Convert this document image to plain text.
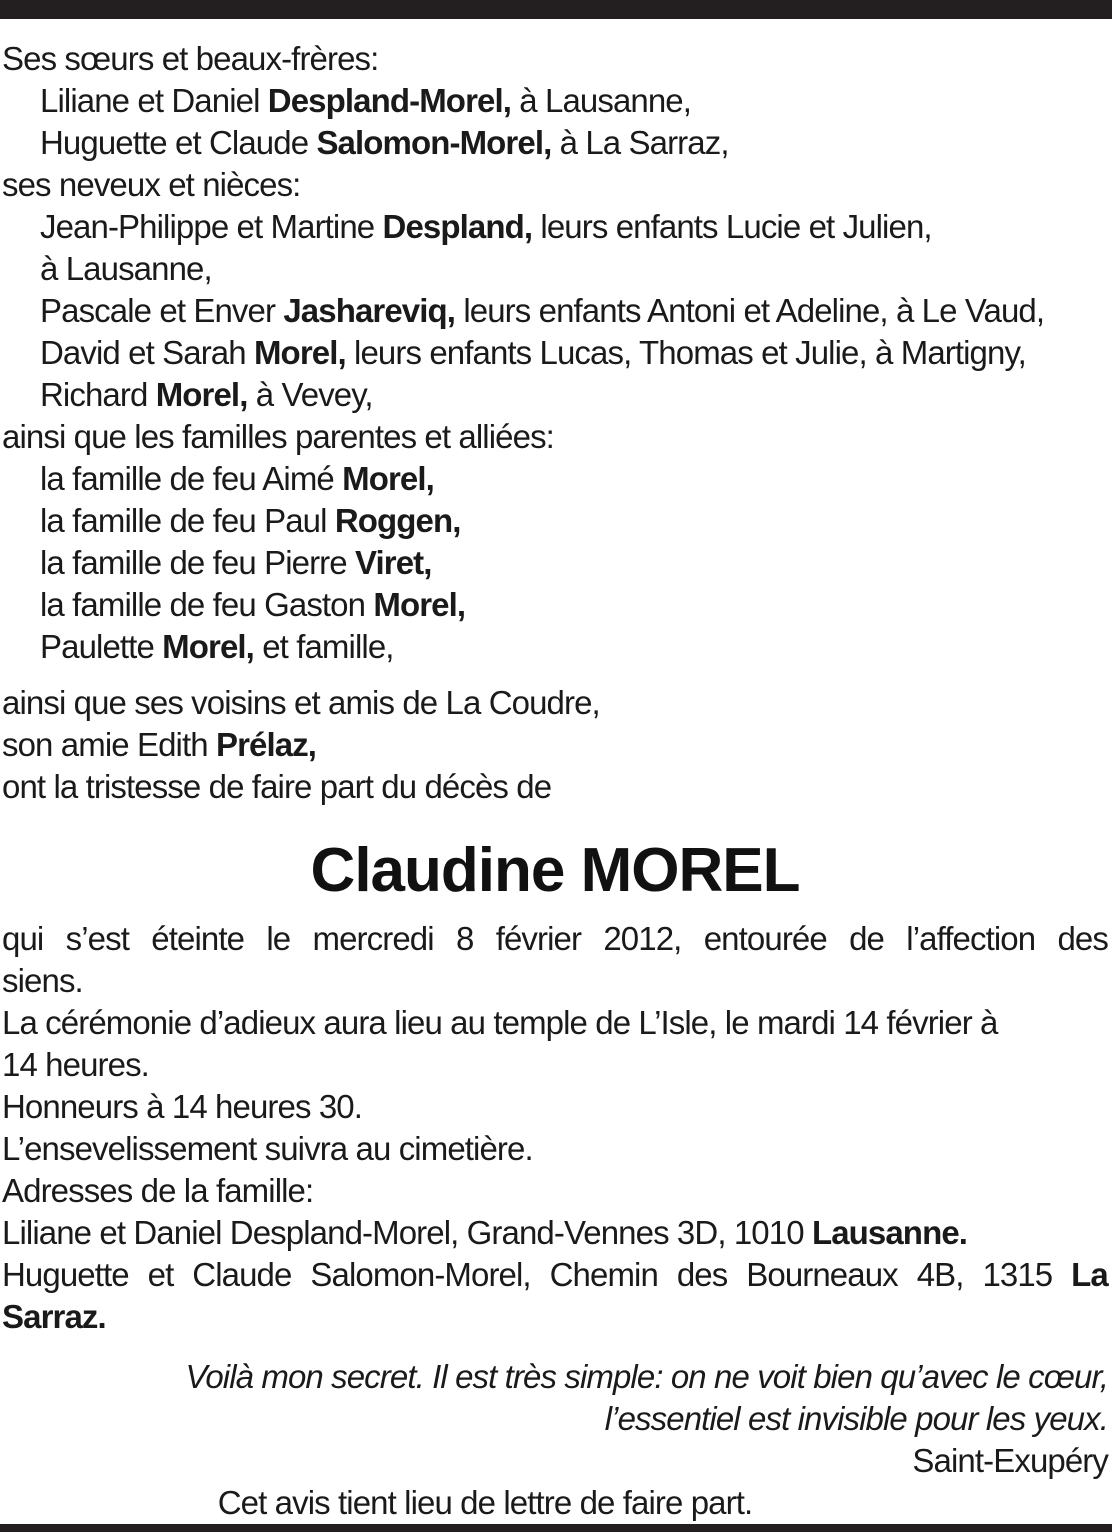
Ses sœurs et beaux-frères:
Liliane et Daniel Despland-Morel, à Lausanne,
Huguette et Claude Salomon-Morel, à La Sarraz,
ses neveux et nièces:
Jean-Philippe et Martine Despland, leurs enfants Lucie et Julien,
à Lausanne,
Pascale et Enver Jashareviq, leurs enfants Antoni et Adeline, à Le Vaud,
David et Sarah Morel, leurs enfants Lucas, Thomas et Julie, à Martigny,
Richard Morel, à Vevey,
ainsi que les familles parentes et alliées:
la famille de feu Aimé Morel,
la famille de feu Paul Roggen,
la famille de feu Pierre Viret,
la famille de feu Gaston Morel,
Paulette Morel, et famille,
ainsi que ses voisins et amis de La Coudre,
son amie Edith Prélaz,
ont la tristesse de faire part du décès de
Claudine MOREL
qui s’est éteinte le mercredi 8 février 2012, entourée de l’affection des
siens.
La cérémonie d’adieux aura lieu au temple de L’Isle, le mardi 14 février à
14 heures.
Honneurs à 14 heures 30.
L’ensevelissement suivra au cimetière.
Adresses de la famille:
Liliane et Daniel Despland-Morel, Grand-Vennes 3D, 1010 Lausanne.
Huguette et Claude Salomon-Morel, Chemin des Bourneaux 4B, 1315 La
Sarraz.
Voilà mon secret. Il est très simple: on ne voit bien qu’avec le cœur,
l’essentiel est invisible pour les yeux.
Saint-Exupéry
Cet avis tient lieu de lettre de faire part.
